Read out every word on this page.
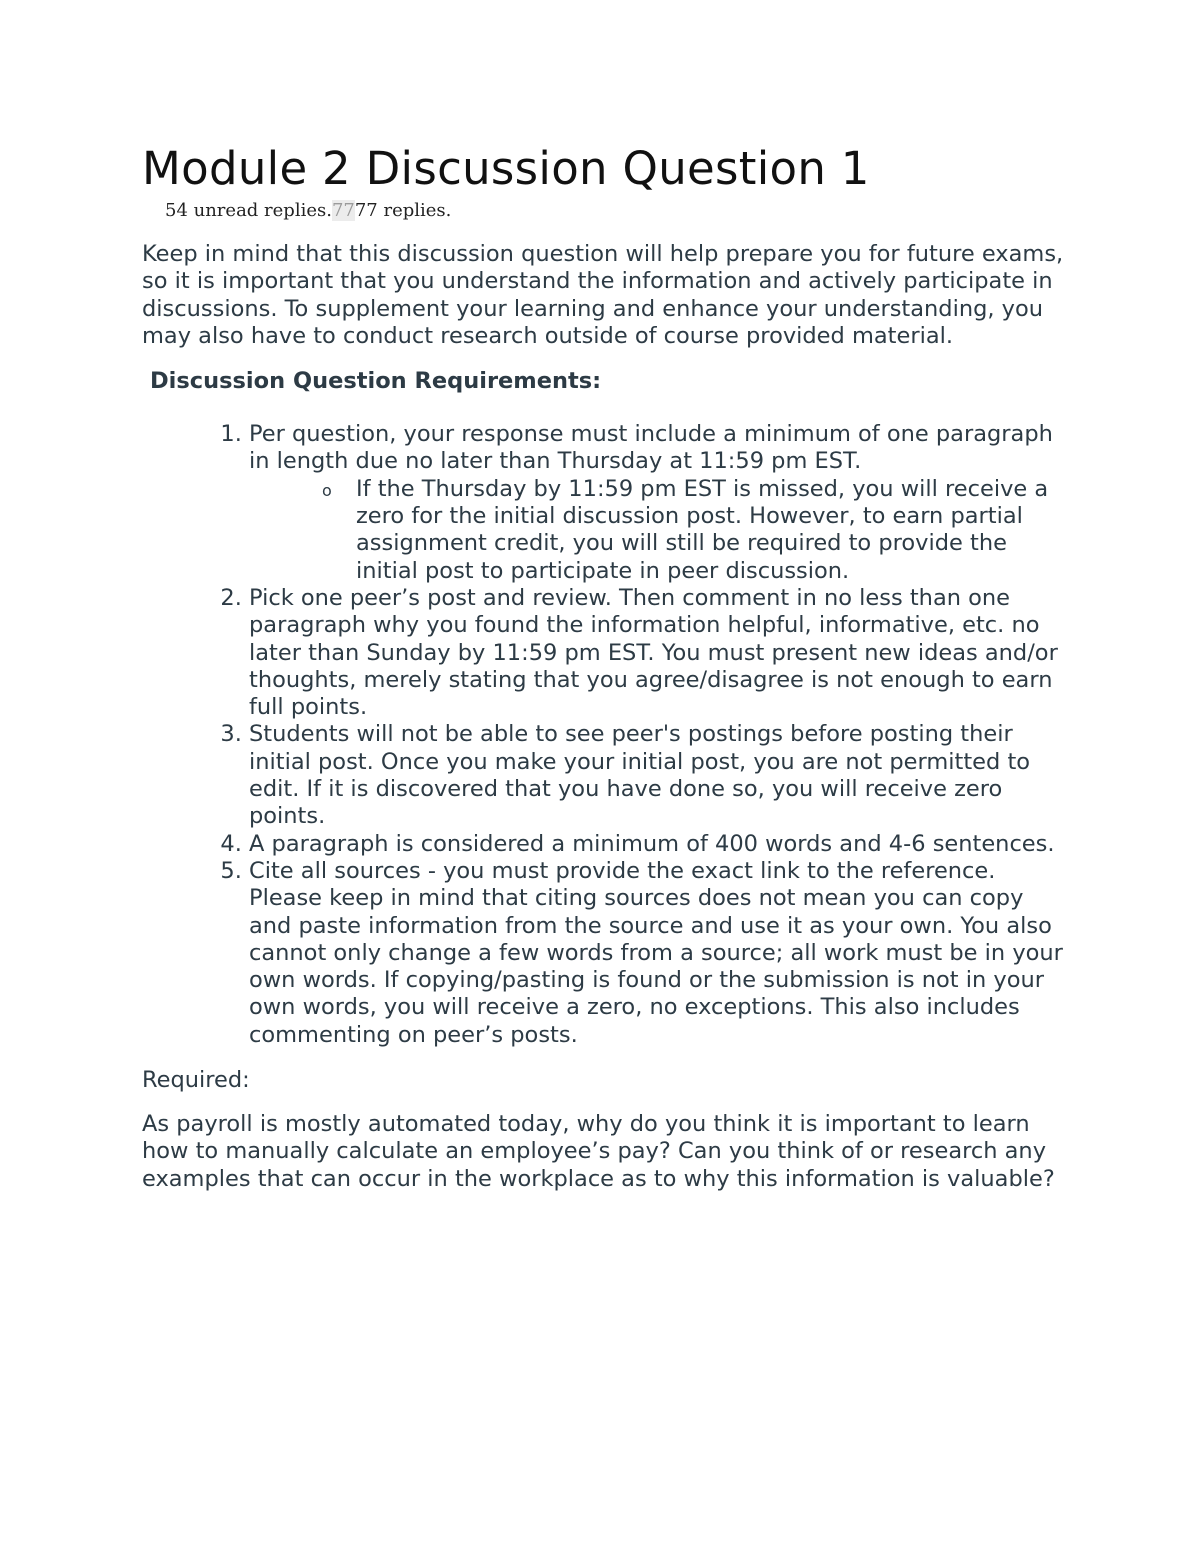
Module 2 Discussion Question 1
54 unread replies.7777 replies.

Keep in mind that this discussion question will help prepare you for future exams, so it is important that you understand the information and actively participate in discussions. To supplement your learning and enhance your understanding, you may also have to conduct research outside of course provided material.

Discussion Question Requirements:
1. Per question, your response must include a minimum of one paragraph in length due no later than Thursday at 11:59 pm EST.
o If the Thursday by 11:59 pm EST is missed, you will receive a zero for the initial discussion post. However, to earn partial assignment credit, you will still be required to provide the initial post to participate in peer discussion.
2. Pick one peer’s post and review. Then comment in no less than one paragraph why you found the information helpful, informative, etc. no later than Sunday by 11:59 pm EST. You must present new ideas and/or thoughts, merely stating that you agree/disagree is not enough to earn full points.
3. Students will not be able to see peer's postings before posting their initial post. Once you make your initial post, you are not permitted to edit. If it is discovered that you have done so, you will receive zero points.
4. A paragraph is considered a minimum of 400 words and 4-6 sentences.
5. Cite all sources - you must provide the exact link to the reference. Please keep in mind that citing sources does not mean you can copy and paste information from the source and use it as your own. You also cannot only change a few words from a source; all work must be in your own words. If copying/pasting is found or the submission is not in your own words, you will receive a zero, no exceptions. This also includes commenting on peer’s posts.
Required:

As payroll is mostly automated today, why do you think it is important to learn how to manually calculate an employee’s pay? Can you think of or research any examples that can occur in the workplace as to why this information is valuable?
